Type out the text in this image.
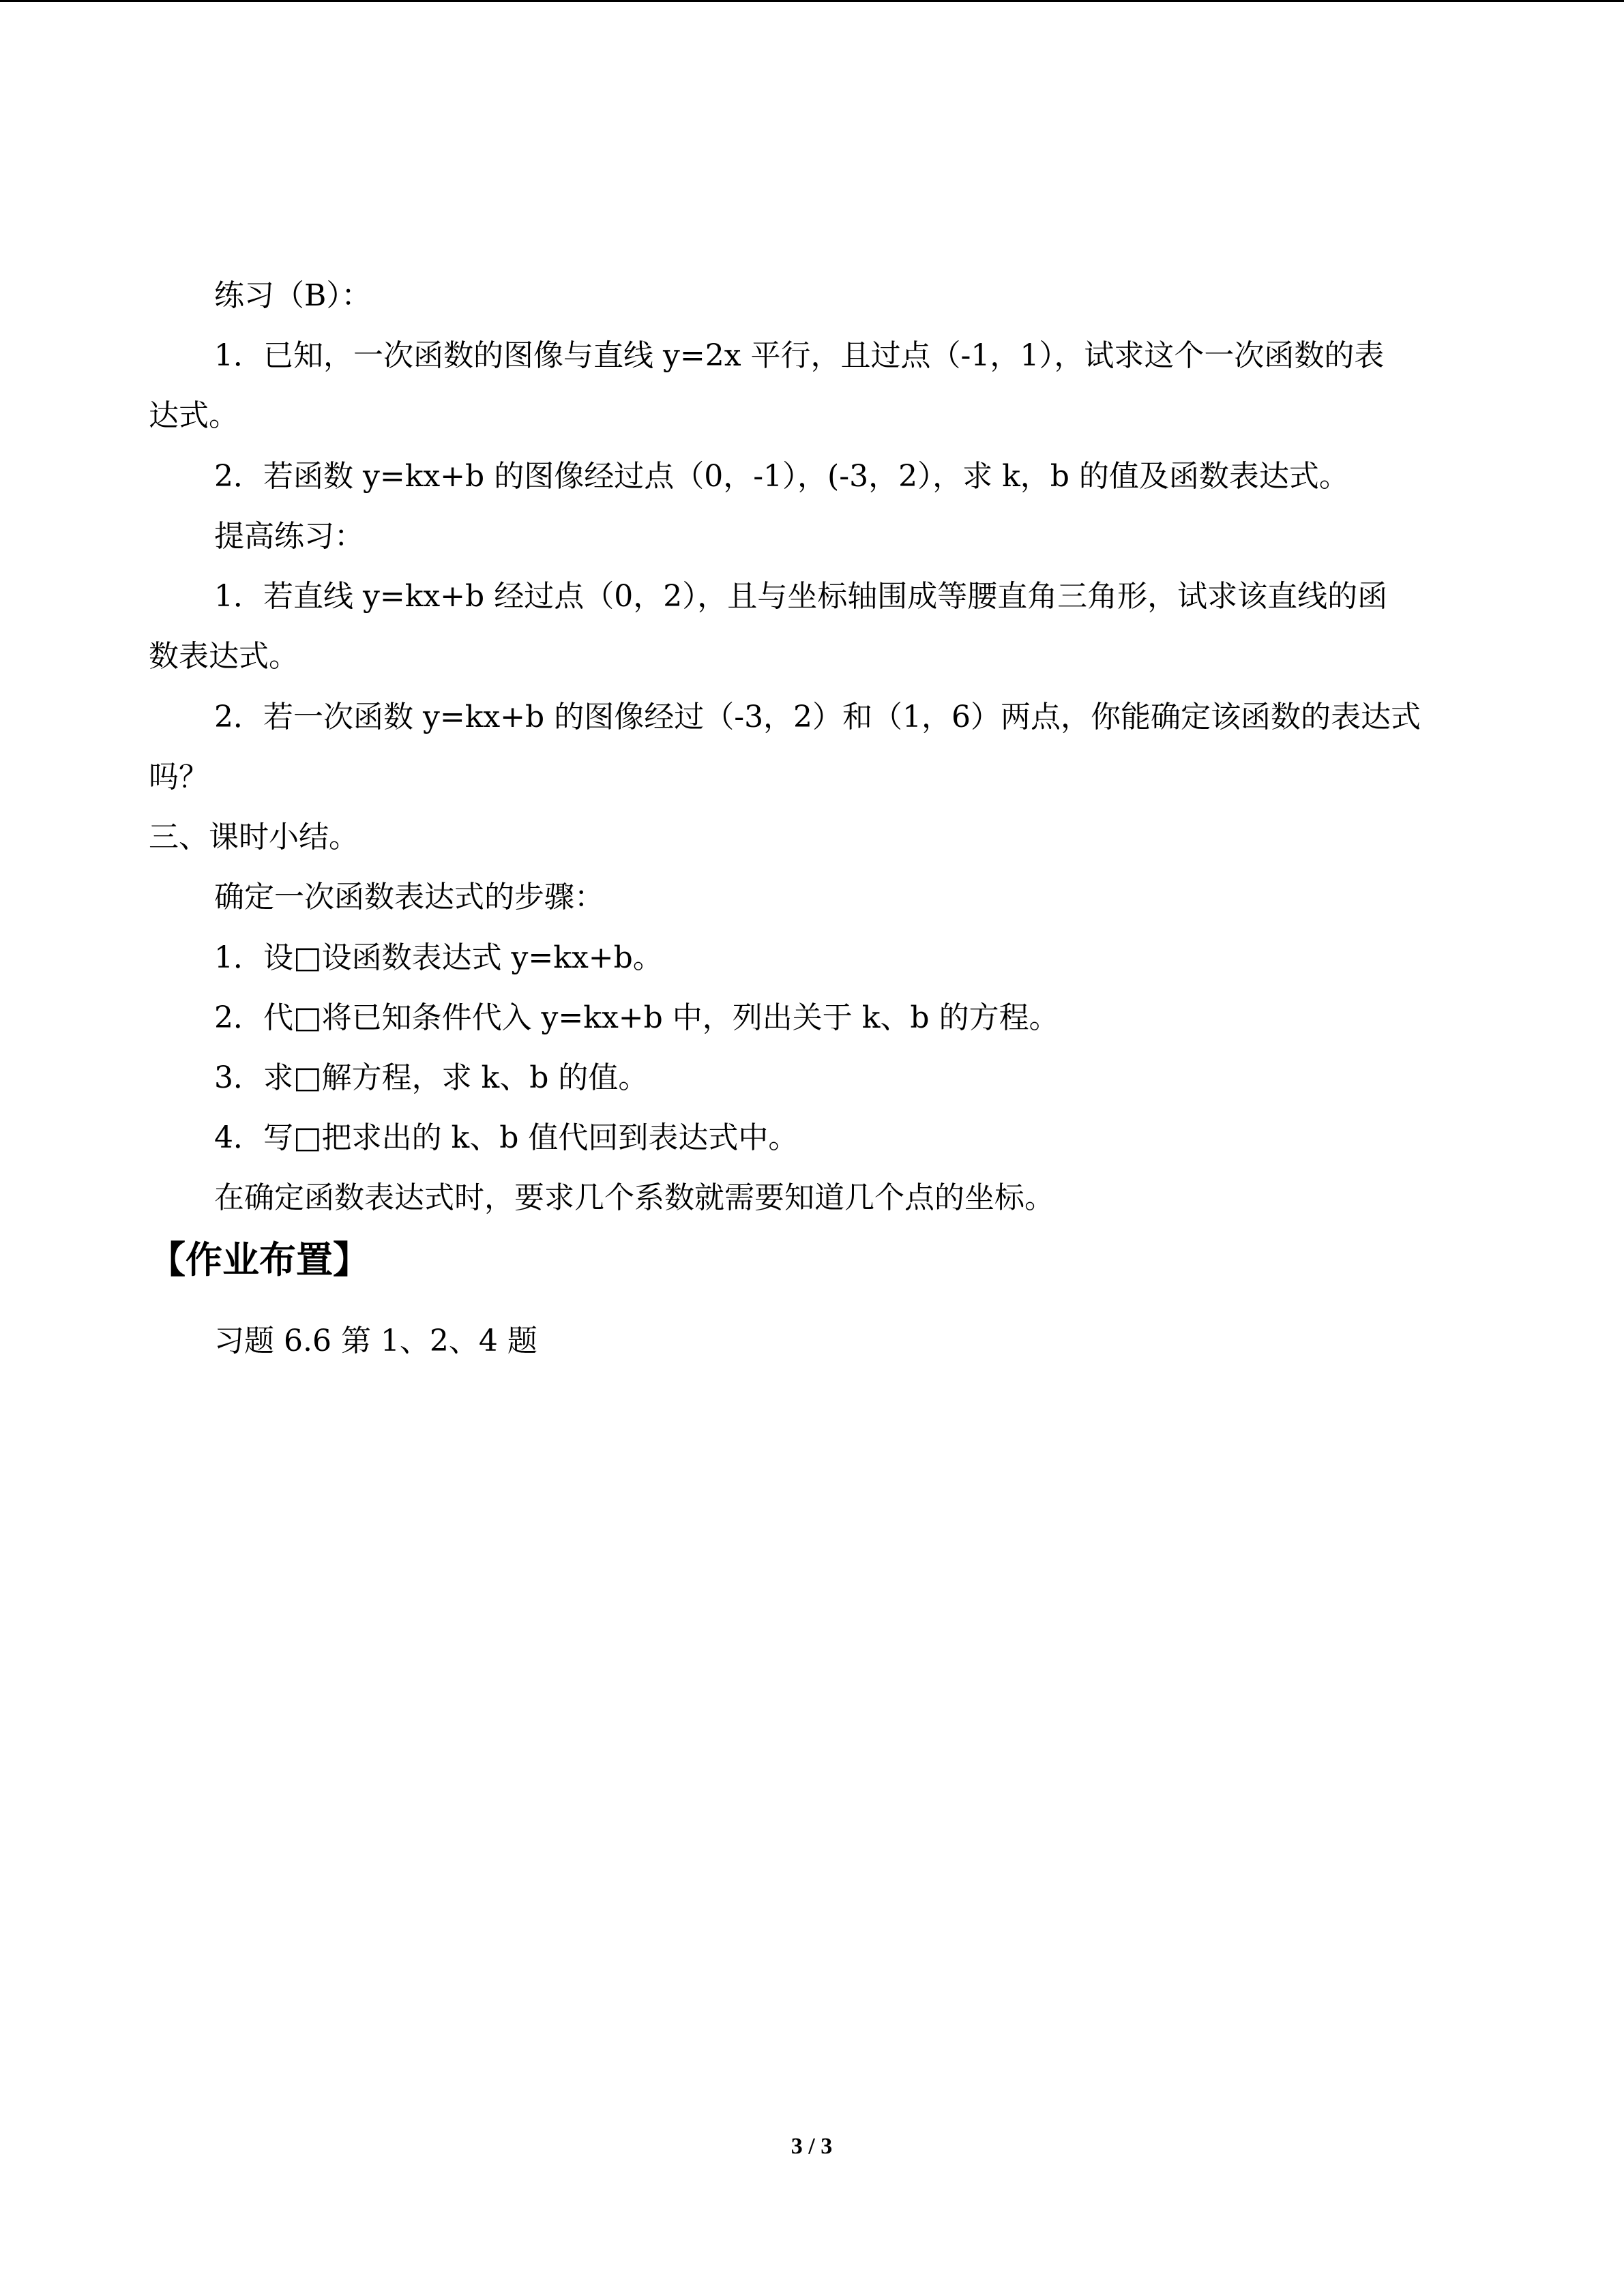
练习（B）：
1．已知，一次函数的图像与直线 y=2x 平行，且过点（-1，1），试求这个一次函数的表
达式。
2．若函数 y=kx+b 的图像经过点（0，-1），(-3，2），求 k，b 的值及函数表达式。
提高练习：
1．若直线 y=kx+b 经过点（0，2），且与坐标轴围成等腰直角三角形，试求该直线的函
数表达式。
2．若一次函数 y=kx+b 的图像经过（-3，2）和（1，6）两点，你能确定该函数的表达式
吗？
三、课时小结。
确定一次函数表达式的步骤：
1．设□设函数表达式 y=kx+b。
2．代□将已知条件代入 y=kx+b 中，列出关于 k、b 的方程。
3．求□解方程，求 k、b 的值。
4．写□把求出的 k、b 值代回到表达式中。
在确定函数表达式时，要求几个系数就需要知道几个点的坐标。
【作业布置】
习题 6.6 第 1、2、4 题
3 / 3
